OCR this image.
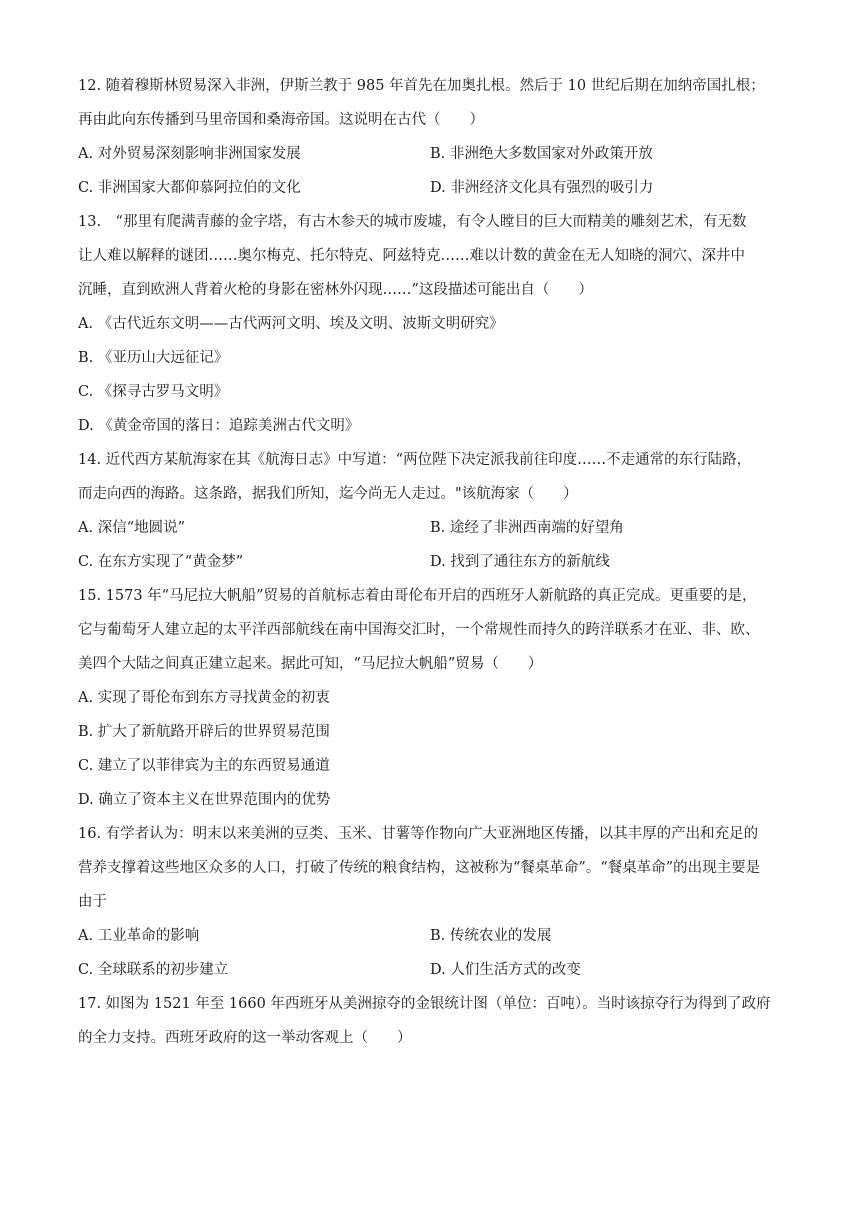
12. 随着穆斯林贸易深入非洲，伊斯兰教于 985 年首先在加奥扎根。然后于 10 世纪后期在加纳帝国扎根；
再由此向东传播到马里帝国和桑海帝国。这说明在古代（　　）
A. 对外贸易深刻影响非洲国家发展	B. 非洲绝大多数国家对外政策开放
C. 非洲国家大都仰慕阿拉伯的文化	D. 非洲经济文化具有强烈的吸引力
13.　“那里有爬满青藤的金字塔，有古木参天的城市废墟，有令人瞠目的巨大而精美的雕刻艺术，有无数
让人难以解释的谜团……奥尔梅克、托尔特克、阿兹特克……难以计数的黄金在无人知晓的洞穴、深井中
沉睡，直到欧洲人背着火枪的身影在密林外闪现……”这段描述可能出自（　　）
A. 《古代近东文明——古代两河文明、埃及文明、波斯文明研究》
B. 《亚历山大远征记》
C. 《探寻古罗马文明》
D. 《黄金帝国的落日：追踪美洲古代文明》
14. 近代西方某航海家在其《航海日志》中写道：“两位陛下决定派我前往印度……不走通常的东行陆路，
而走向西的海路。这条路，据我们所知，迄今尚无人走过。"该航海家（　　）
A. 深信“地圆说”	B. 途经了非洲西南端的好望角
C. 在东方实现了“黄金梦”	D. 找到了通往东方的新航线
15. 1573 年“马尼拉大帆船”贸易的首航标志着由哥伦布开启的西班牙人新航路的真正完成。更重要的是，
它与葡萄牙人建立起的太平洋西部航线在南中国海交汇时，一个常规性而持久的跨洋联系才在亚、非、欧、
美四个大陆之间真正建立起来。据此可知，“马尼拉大帆船”贸易（　　）
A. 实现了哥伦布到东方寻找黄金的初衷
B. 扩大了新航路开辟后的世界贸易范围
C. 建立了以菲律宾为主的东西贸易通道
D. 确立了资本主义在世界范围内的优势
16. 有学者认为：明末以来美洲的豆类、玉米、甘薯等作物向广大亚洲地区传播，以其丰厚的产出和充足的
营养支撑着这些地区众多的人口，打破了传统的粮食结构，这被称为“餐桌革命”。“餐桌革命”的出现主要是
由于
A. 工业革命的影响	B. 传统农业的发展
C. 全球联系的初步建立	D. 人们生活方式的改变
17. 如图为 1521 年至 1660 年西班牙从美洲掠夺的金银统计图（单位：百吨）。当时该掠夺行为得到了政府
的全力支持。西班牙政府的这一举动客观上（　　）
